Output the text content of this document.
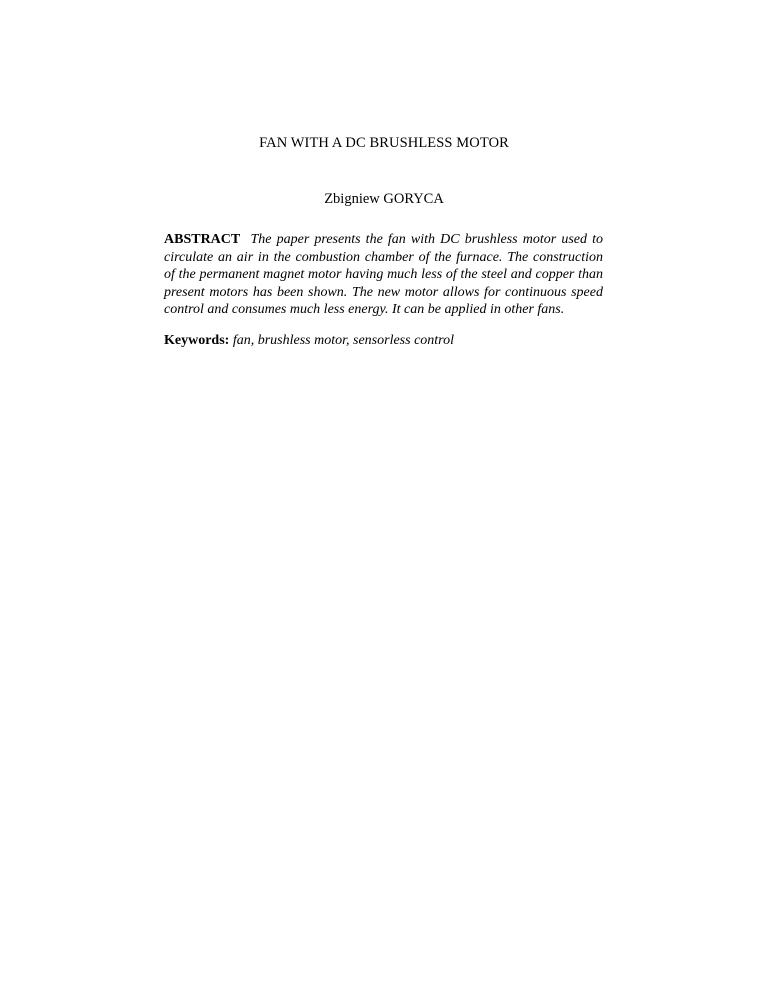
FAN WITH A DC BRUSHLESS MOTOR
Zbigniew GORYCA

ABSTRACT The paper presents the fan with DC brushless motor used to circulate an air in the combustion chamber of the furnace. The construction of the permanent magnet motor having much less of the steel and copper than present motors has been shown. The new motor allows for continuous speed control and consumes much less energy. It can be applied in other fans.

Keywords: fan, brushless motor, sensorless control
